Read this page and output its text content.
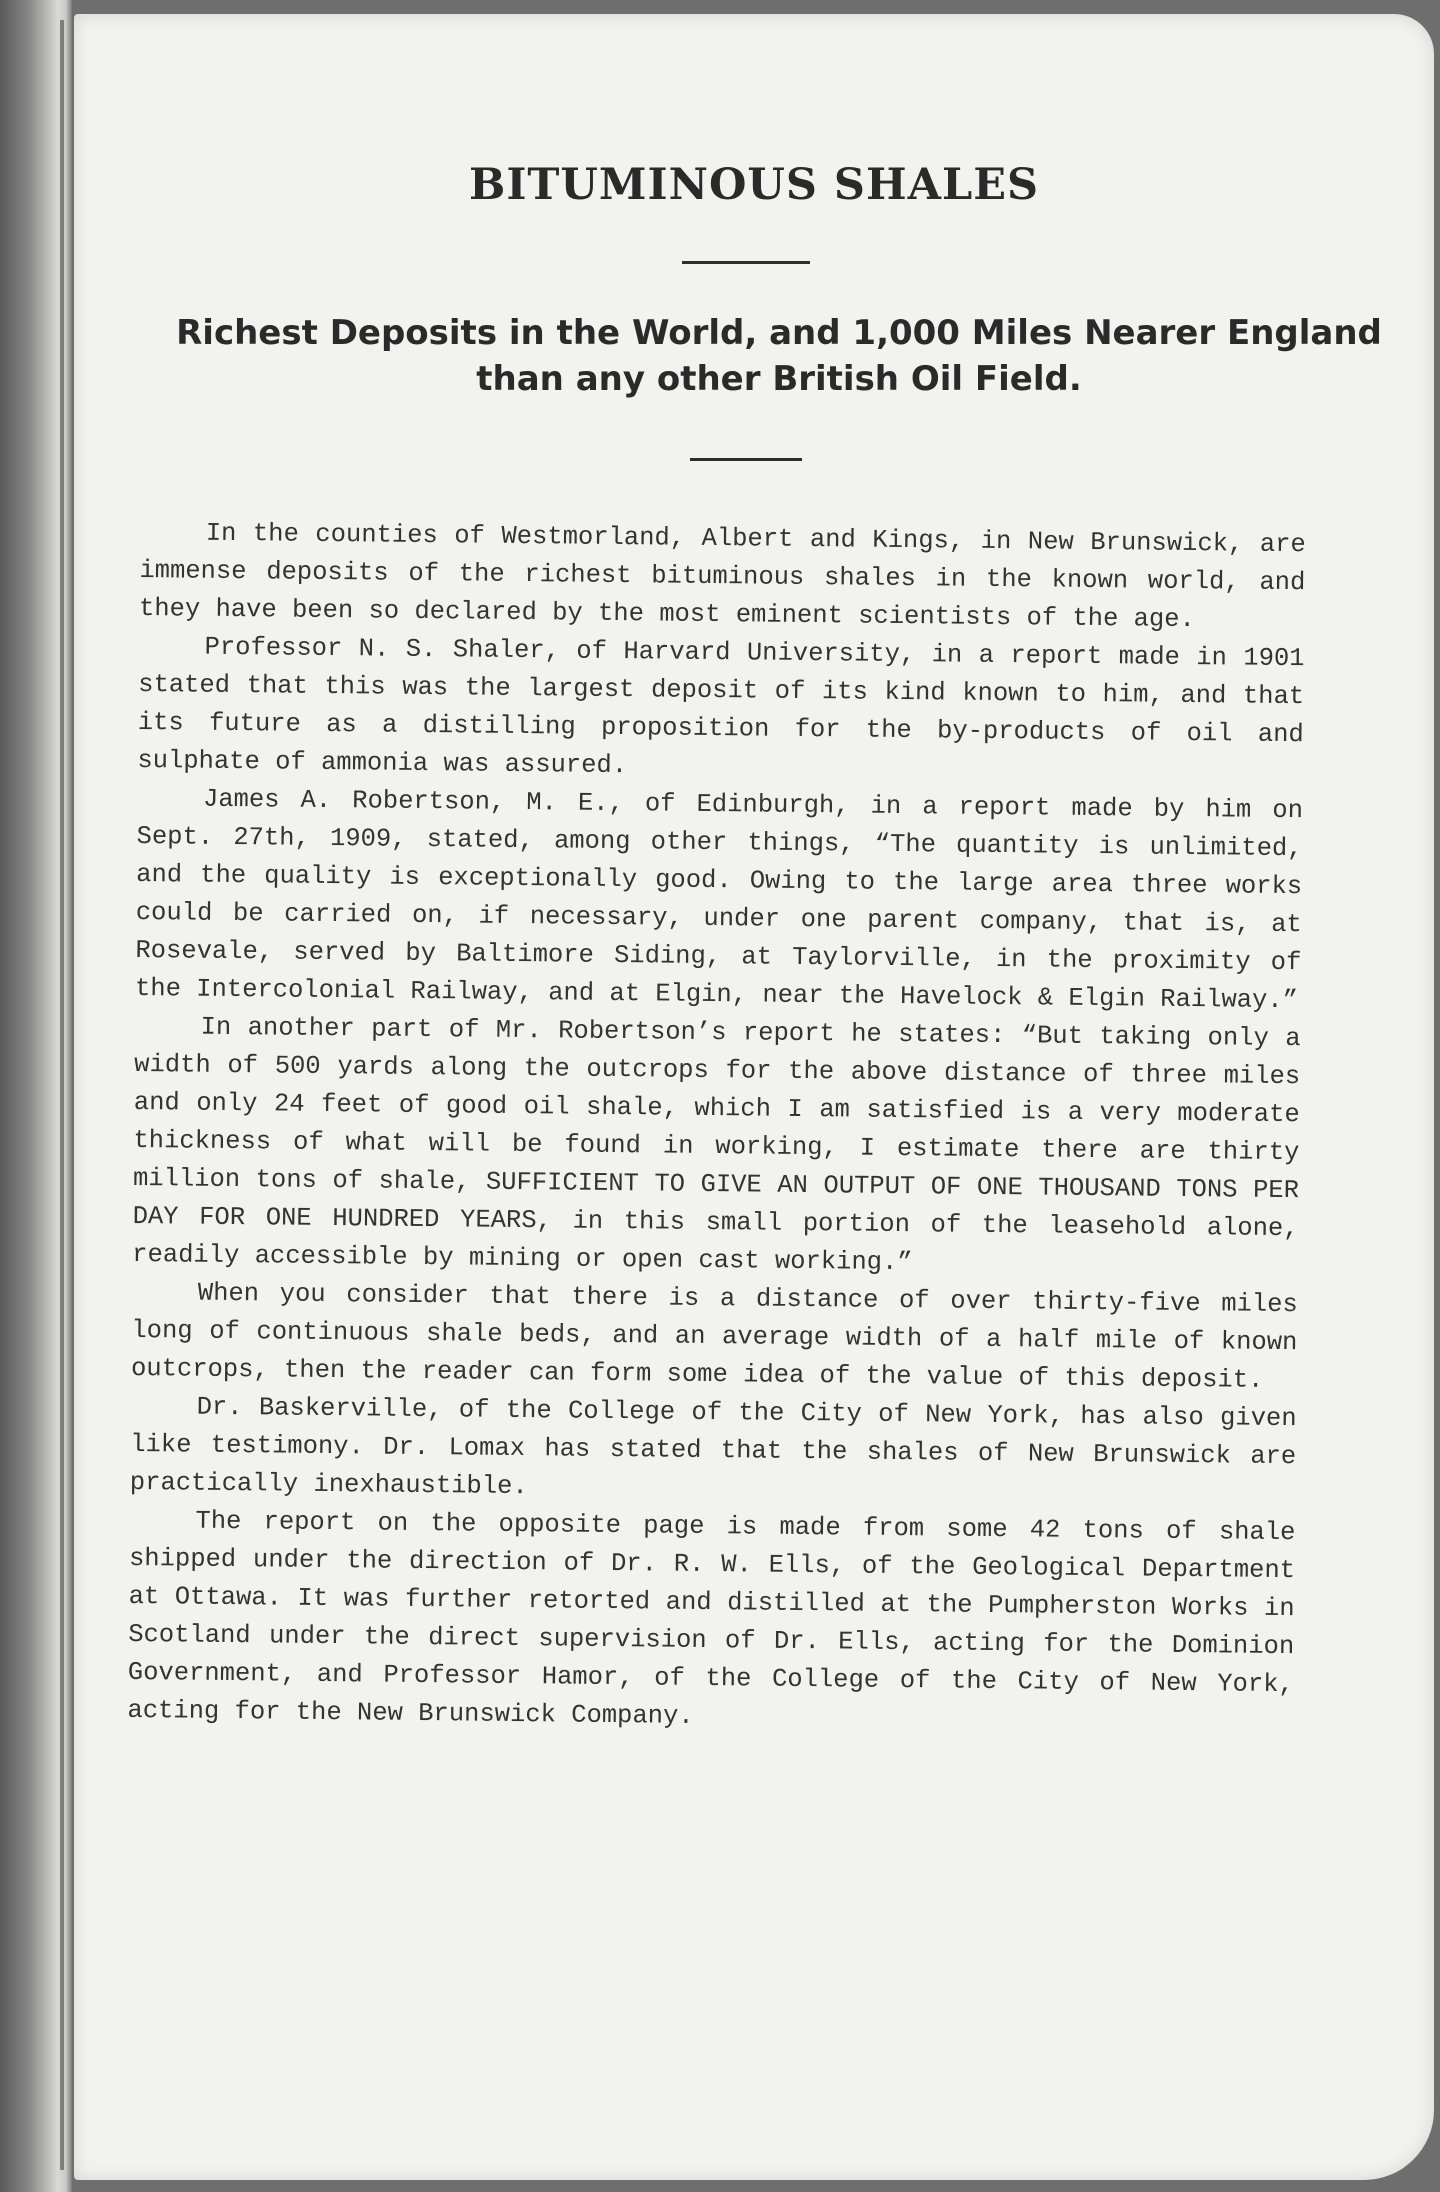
BITUMINOUS SHALES
Richest Deposits in the World, and 1,000 Miles Nearer England than any other British Oil Field.

In the counties of Westmorland, Albert and Kings, in New Brunswick, are immense deposits of the richest bituminous shales in the known world, and they have been so declared by the most eminent scientists of the age.

Professor N. S. Shaler, of Harvard University, in a report made in 1901 stated that this was the largest deposit of its kind known to him, and that its future as a distilling proposition for the by-products of oil and sulphate of ammonia was assured.

James A. Robertson, M. E., of Edinburgh, in a report made by him on Sept. 27th, 1909, stated, among other things, “The quantity is unlimited, and the quality is exceptionally good. Owing to the large area three works could be carried on, if necessary, under one parent company, that is, at Rosevale, served by Baltimore Siding, at Taylorville, in the proximity of the Intercolonial Railway, and at Elgin, near the Havelock & Elgin Railway.”

In another part of Mr. Robertson’s report he states: “But taking only a width of 500 yards along the outcrops for the above distance of three miles and only 24 feet of good oil shale, which I am satisfied is a very moderate thickness of what will be found in working, I estimate there are thirty million tons of shale, SUFFICIENT TO GIVE AN OUTPUT OF ONE THOUSAND TONS PER DAY FOR ONE HUNDRED YEARS, in this small portion of the leasehold alone, readily accessible by mining or open cast working.”

When you consider that there is a distance of over thirty-five miles long of continuous shale beds, and an average width of a half mile of known outcrops, then the reader can form some idea of the value of this deposit.

Dr. Baskerville, of the College of the City of New York, has also given like testimony. Dr. Lomax has stated that the shales of New Brunswick are practically inexhaustible.

The report on the opposite page is made from some 42 tons of shale shipped under the direction of Dr. R. W. Ells, of the Geological Department at Ottawa. It was further retorted and distilled at the Pumpherston Works in Scotland under the direct supervision of Dr. Ells, acting for the Dominion Government, and Professor Hamor, of the College of the City of New York, acting for the New Brunswick Company.
